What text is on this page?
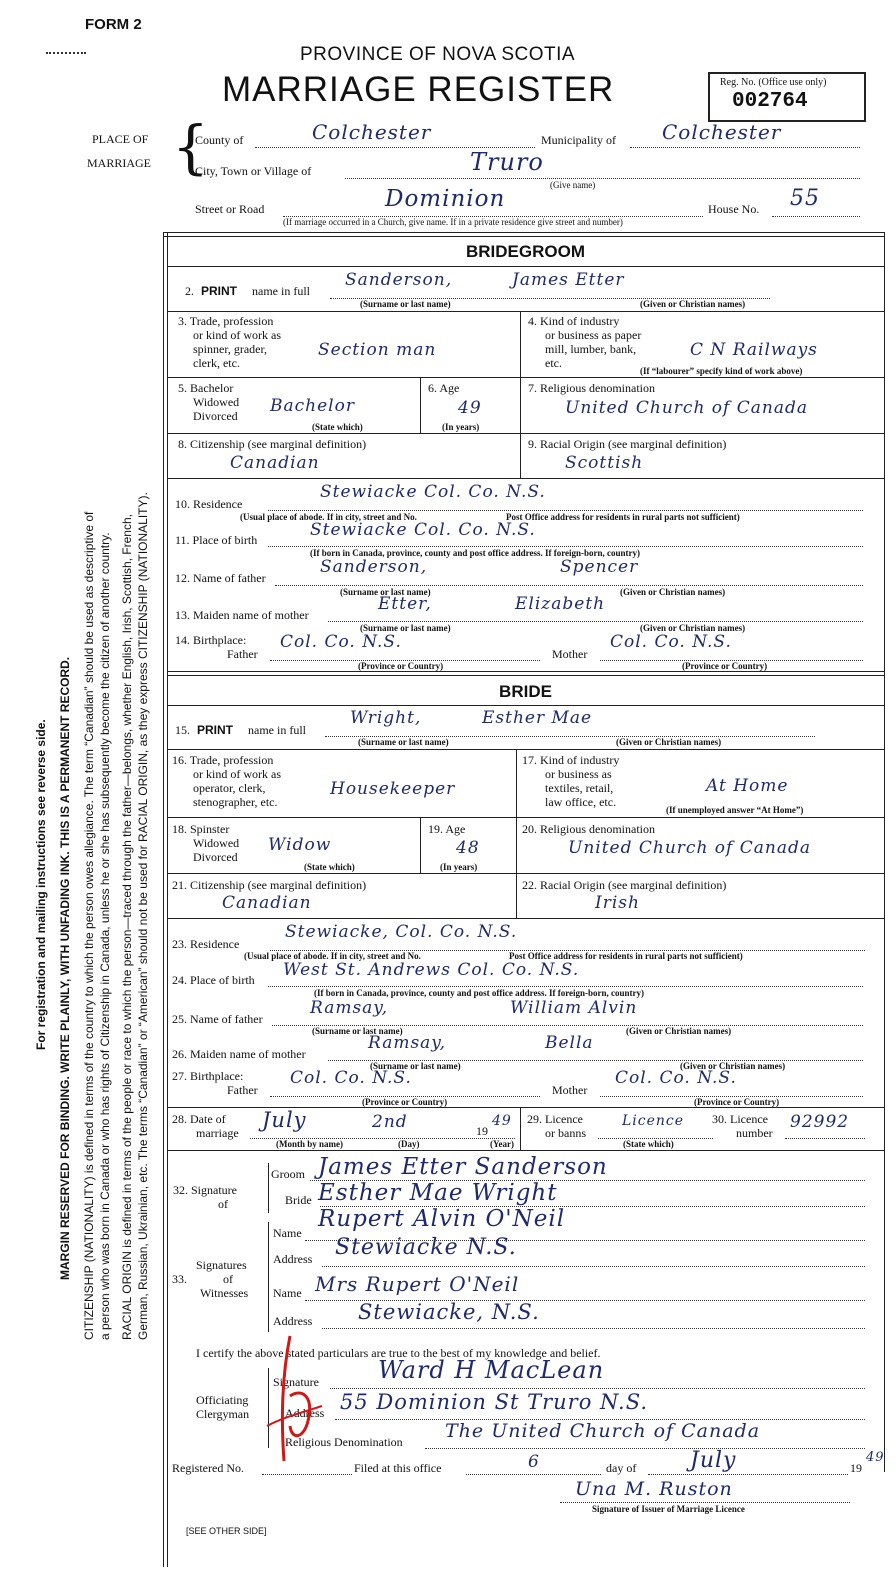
FORM 2
PROVINCE OF NOVA SCOTIA
MARRIAGE REGISTER	Reg. No. (Office use only)
002764
PLACE OF
MARRIAGE {
County of	Colchester	Municipality of Colchester
City, Town or Village of	Truro
(Give name)
Street or Road	Dominion	House No. 55
(If marriage occurred in a Church, give name. If in a private residence give street and number)
For registration and mailing instructions see reverse side. MARGIN RESERVED FOR BINDING. WRITE PLAINLY, WITH UNFADING INK. THIS IS A PERMANENT RECORD. CITIZENSHIP (NATIONALITY) is defined in terms of the country to which the person owes allegiance. The term “Canadian” should be used as descriptive of a person who was born in Canada or who has rights of Citizenship in Canada, unless he or she has subsequently become the citizen of another country. RACIAL ORIGIN is defined in terms of the people or race to which the person—traced through the father—belongs, whether English, Irish, Scottish, French, German, Russian, Ukrainian, etc. The terms “Canadian” or “American” should not be used for RACIAL ORIGIN, as they express CITIZENSHIP (NATIONALITY).
BRIDEGROOM
2. PRINT name in full
Sanderson,	James Etter
(Surname or last name)	(Given or Christian names)
3. Trade, profession
or kind of work as
spinner, grader,
clerk, etc.
Section man
4. Kind of industry
or business as paper
mill, lumber, bank,
etc.
C N Railways
(If “labourer” specify kind of work above)
5. Bachelor
Widowed
Divorced Bachelor
(State which)
6. Age
49
(In years)
7. Religious denomination
United Church of Canada
8. Citizenship (see marginal definition)
Canadian
9. Racial Origin (see marginal definition)
Scottish
10. Residence
Stewiacke Col. Co. N.S.
(Usual place of abode. If in city, street and No.	Post Office address for residents in rural parts not sufficient)
11. Place of birth	Stewiacke Col. Co. N.S.
(If born in Canada, province, county and post office address. If foreign-born, country)
12. Name of father
Sanderson,	Spencer
(Surname or last name)	(Given or Christian names)
13. Maiden name of mother
Etter,	Elizabeth
(Surname or last name)	(Given or Christian names)
14. Birthplace:
Father
Col. Co. N.S.
Mother
Col. Co. N.S.
(Province or Country)	(Province or Country)
BRIDE
15. PRINT name in full
Wright,	Esther Mae
(Surname or last name)	(Given or Christian names)
16. Trade, profession
or kind of work as
operator, clerk,
stenographer, etc.
Housekeeper
17. Kind of industry
or business as
textiles, retail,
law office, etc.
At Home
(If unemployed answer “At Home”)
18. Spinster
Widowed
Divorced
Widow
(State which)
19. Age
48
(In years)
20. Religious denomination
United Church of Canada
21. Citizenship (see marginal definition)
Canadian
22. Racial Origin (see marginal definition)
Irish
23. Residence
Stewiacke, Col. Co. N.S.
(Usual place of abode. If in city, street and No.	Post Office address for residents in rural parts not sufficient)
24. Place of birth West St. Andrews Col. Co. N.S.
(If born in Canada, province, county and post office address. If foreign-born, country)
25. Name of father
Ramsay,	William Alvin
(Surname or last name)	(Given or Christian names)
26. Maiden name of mother
Ramsay,	Bella
(Surname or last name)	(Given or Christian names)
27. Birthplace:
Father
Col. Co. N.S.
Mother
Col. Co. N.S.
(Province or Country)	(Province or Country)
28. Date of
marriage
July	2nd	19
49
(Month by name)	(Day)	(Year)
29. Licence
or banns
Licence
(State which)
30. Licence
number
92992
32. Signature
of
Groom James Etter Sanderson
Bride Esther Mae Wright
33.
Signatures
of
Witnesses
Name
Rupert Alvin O'Neil
Address Stewiacke N.S.
Name Mrs Rupert O'Neil
Address Stewiacke, N.S.
I certify the above stated particulars are true to the best of my knowledge and belief.
Officiating
Clergyman
Signature Ward H MacLean
Address 55 Dominion St Truro N.S.
Religious Denomination The United Church of Canada
Registered No.	Filed at this office	6	day of July	19
49
Una M. Ruston
Signature of Issuer of Marriage Licence
[SEE OTHER SIDE]
